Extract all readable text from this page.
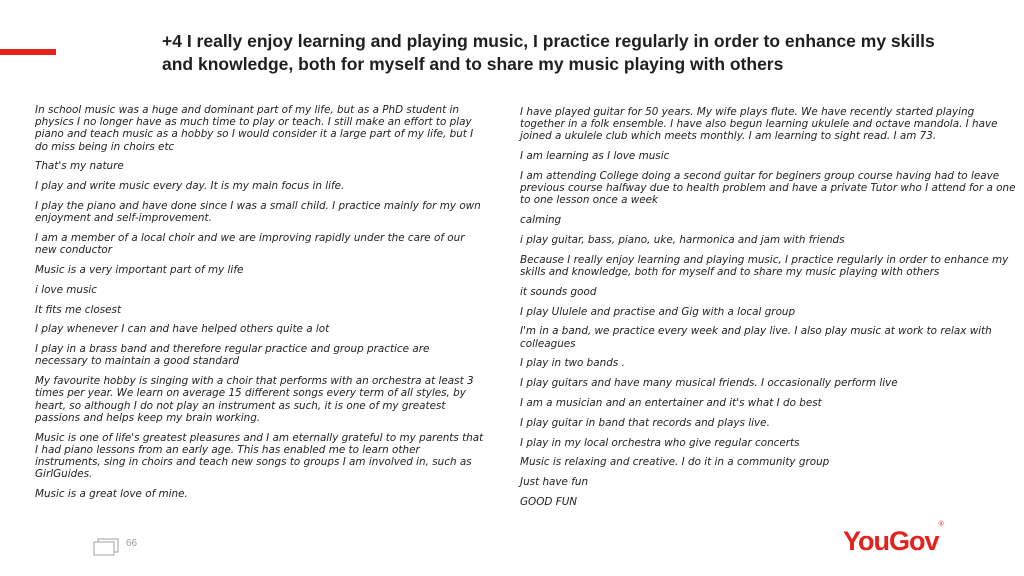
+4 I really enjoy learning and playing music, I practice regularly in order to enhance my skills and knowledge, both for myself and to share my music playing with others

In school music was a huge and dominant part of my life, but as a PhD student in physics I no longer have as much time to play or teach. I still make an effort to play piano and teach music as a hobby so I would consider it a large part of my life, but I do miss being in choirs etc

That's my nature

I play and write music every day. It is my main focus in life.

I play the piano and have done since I was a small child. I practice mainly for my own enjoyment and self-improvement.

I am a member of a local choir and we are improving rapidly under the care of our new conductor

Music is a very important part of my life

i love music

It fits me closest

I play whenever I can and have helped others quite a lot

I play in a brass band and therefore regular practice and group practice are necessary to maintain a good standard

My favourite hobby is singing with a choir that performs with an orchestra at least 3 times per year. We learn on average 15 different songs every term of all styles, by heart, so although I do not play an instrument as such, it is one of my greatest passions and helps keep my brain working.

Music is one of life's greatest pleasures and I am eternally grateful to my parents that I had piano lessons from an early age. This has enabled me to learn other instruments, sing in choirs and teach new songs to groups I am involved in, such as GirlGuides.

Music is a great love of mine.

I have played guitar for 50 years. My wife plays flute. We have recently started playing together in a folk ensemble. I have also begun learning ukulele and octave mandola. I have joined a ukulele club which meets monthly. I am learning to sight read. I am 73.

I am learning as I love music

I am attending College doing a second guitar for beginers group course having had to leave previous course halfway due to health problem and have a private Tutor who I attend for a one to one lesson once a week

calming

i play guitar, bass, piano, uke, harmonica and jam with friends

Because I really enjoy learning and playing music, I practice regularly in order to enhance my skills and knowledge, both for myself and to share my music playing with others

it sounds good

I play Ululele and practise and Gig with a local group

I'm in a band, we practice every week and play live. I also play music at work to relax with colleagues

I play in two bands .

I play guitars and have many musical friends. I occasionally perform live

I am a musician and an entertainer and it's what I do best

I play guitar in band that records and plays live.

I play in my local orchestra who give regular concerts

Music is relaxing and creative. I do it in a community group

Just have fun

GOOD FUN

66	YouGov®
